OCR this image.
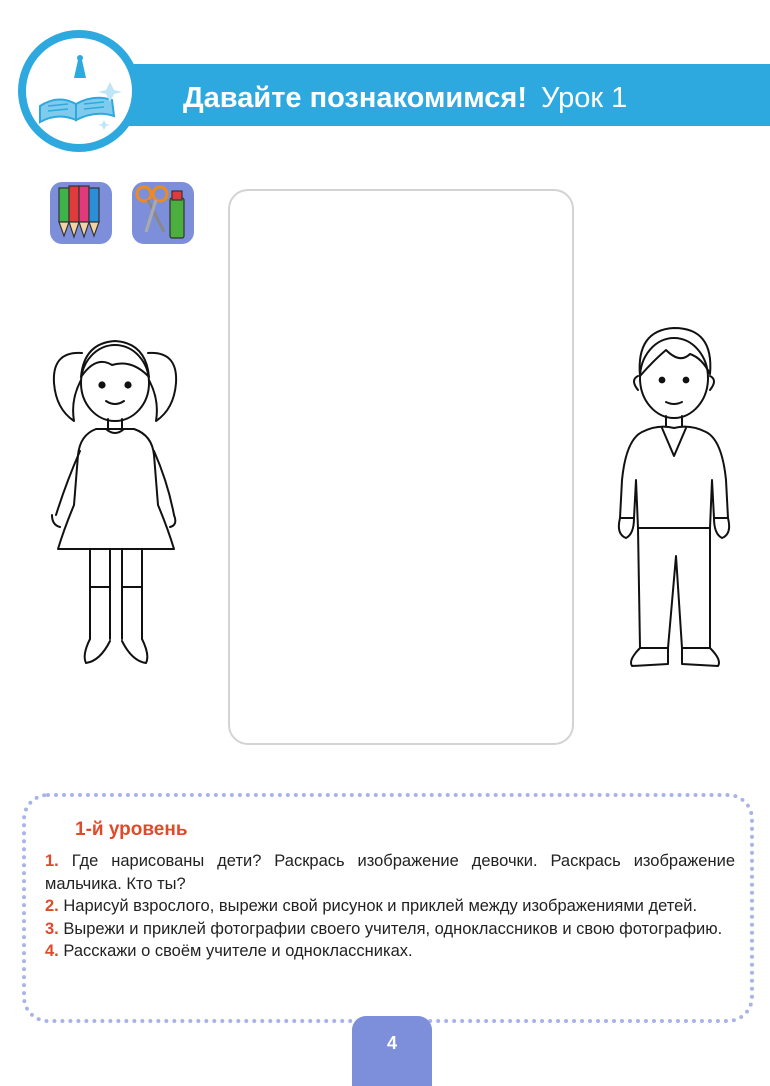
Давайте познакомимся! Урок 1
1-й уровень
1. Где нарисованы дети? Раскрась изображение девочки. Раскрась изображение мальчика. Кто ты?
2. Нарисуй взрослого, вырежи свой рисунок и приклей между изображениями детей.
3. Вырежи и приклей фотографии своего учителя, одноклассников и свою фотографию.
4. Расскажи о своём учителе и одноклассниках.
4
